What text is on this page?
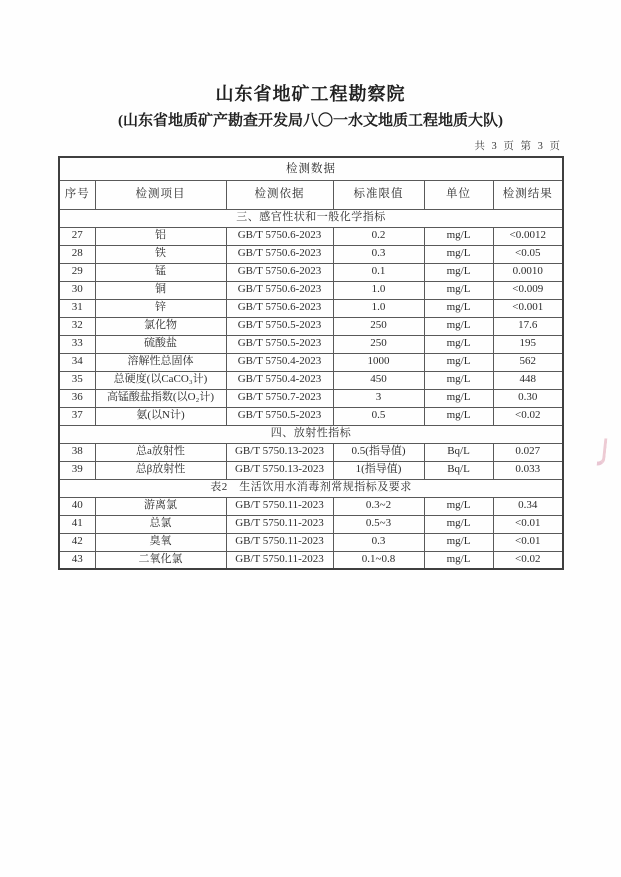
山东省地矿工程勘察院
(山东省地质矿产勘查开发局八〇一水文地质工程地质大队)
共 3 页 第 3 页
检测数据					
序号	检测项目	检测依据	标准限值	单位	检测结果
三、感官性状和一般化学指标					
27	铝	GB/T 5750.6-2023	0.2	mg/L	<0.0012
28	铁	GB/T 5750.6-2023	0.3	mg/L	<0.05
29	锰	GB/T 5750.6-2023	0.1	mg/L	0.0010
30	铜	GB/T 5750.6-2023	1.0	mg/L	<0.009
31	锌	GB/T 5750.6-2023	1.0	mg/L	<0.001
32	氯化物	GB/T 5750.5-2023	250	mg/L	17.6
33	硫酸盐	GB/T 5750.5-2023	250	mg/L	195
34	溶解性总固体	GB/T 5750.4-2023	1000	mg/L	562
35	总硬度(以CaCO₃计)	GB/T 5750.4-2023	450	mg/L	448
36	高锰酸盐指数(以O₂计)	GB/T 5750.7-2023	3	mg/L	0.30
37	氨(以N计)	GB/T 5750.5-2023	0.5	mg/L	<0.02
四、放射性指标					
38	总a放射性	GB/T 5750.13-2023	0.5(指导值)	Bq/L	0.027
39	总β放射性	GB/T 5750.13-2023	1(指导值)	Bq/L	0.033
表2　生活饮用水消毒剂常规指标及要求					
40	游离氯	GB/T 5750.11-2023	0.3~2	mg/L	0.34
41	总氯	GB/T 5750.11-2023	0.5~3	mg/L	<0.01
42	臭氧	GB/T 5750.11-2023	0.3	mg/L	<0.01
43	二氧化氯	GB/T 5750.11-2023	0.1~0.8	mg/L	<0.02
